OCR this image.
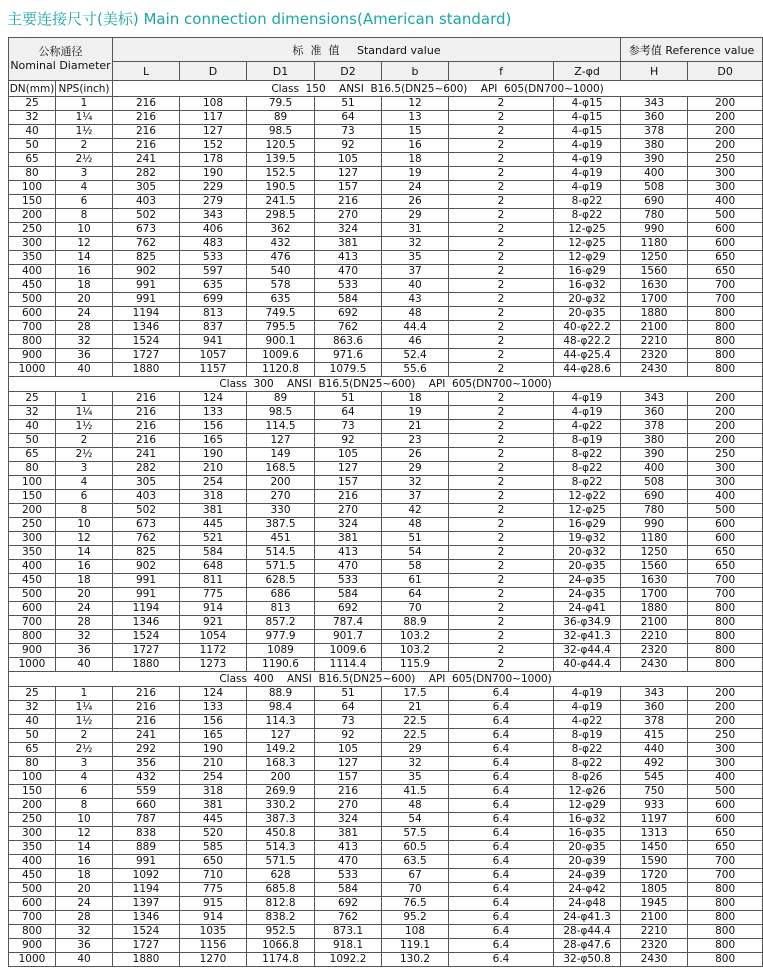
主要连接尺寸(美标) Main connection dimensions(American standard)
公称通径
Nominal Diameter		标  准  值     Standard value							参考值 Reference value	
		L	D	D1	D2	b	f	Z-φd	H	D0
DN(mm)	NPS(inch)	Class  150    ANSI  B16.5(DN25~600)    API  605(DN700~1000)								
25	1	216	108	79.5	51	12	2	4-φ15	343	200
32	1¼	216	117	89	64	13	2	4-φ15	360	200
40	1½	216	127	98.5	73	15	2	4-φ15	378	200
50	2	216	152	120.5	92	16	2	4-φ19	380	200
65	2½	241	178	139.5	105	18	2	4-φ19	390	250
80	3	282	190	152.5	127	19	2	4-φ19	400	300
100	4	305	229	190.5	157	24	2	4-φ19	508	300
150	6	403	279	241.5	216	26	2	8-φ22	690	400
200	8	502	343	298.5	270	29	2	8-φ22	780	500
250	10	673	406	362	324	31	2	12-φ25	990	600
300	12	762	483	432	381	32	2	12-φ25	1180	600
350	14	825	533	476	413	35	2	12-φ29	1250	650
400	16	902	597	540	470	37	2	16-φ29	1560	650
450	18	991	635	578	533	40	2	16-φ32	1630	700
500	20	991	699	635	584	43	2	20-φ32	1700	700
600	24	1194	813	749.5	692	48	2	20-φ35	1880	800
700	28	1346	837	795.5	762	44.4	2	40-φ22.2	2100	800
800	32	1524	941	900.1	863.6	46	2	48-φ22.2	2210	800
900	36	1727	1057	1009.6	971.6	52.4	2	44-φ25.4	2320	800
1000	40	1880	1157	1120.8	1079.5	55.6	2	44-φ28.6	2430	800
Class  300    ANSI  B16.5(DN25~600)    API  605(DN700~1000)										
25	1	216	124	89	51	18	2	4-φ19	343	200
32	1¼	216	133	98.5	64	19	2	4-φ19	360	200
40	1½	216	156	114.5	73	21	2	4-φ22	378	200
50	2	216	165	127	92	23	2	8-φ19	380	200
65	2½	241	190	149	105	26	2	8-φ22	390	250
80	3	282	210	168.5	127	29	2	8-φ22	400	300
100	4	305	254	200	157	32	2	8-φ22	508	300
150	6	403	318	270	216	37	2	12-φ22	690	400
200	8	502	381	330	270	42	2	12-φ25	780	500
250	10	673	445	387.5	324	48	2	16-φ29	990	600
300	12	762	521	451	381	51	2	19-φ32	1180	600
350	14	825	584	514.5	413	54	2	20-φ32	1250	650
400	16	902	648	571.5	470	58	2	20-φ35	1560	650
450	18	991	811	628.5	533	61	2	24-φ35	1630	700
500	20	991	775	686	584	64	2	24-φ35	1700	700
600	24	1194	914	813	692	70	2	24-φ41	1880	800
700	28	1346	921	857.2	787.4	88.9	2	36-φ34.9	2100	800
800	32	1524	1054	977.9	901.7	103.2	2	32-φ41.3	2210	800
900	36	1727	1172	1089	1009.6	103.2	2	32-φ44.4	2320	800
1000	40	1880	1273	1190.6	1114.4	115.9	2	40-φ44.4	2430	800
Class  400    ANSI  B16.5(DN25~600)    API  605(DN700~1000)										
25	1	216	124	88.9	51	17.5	6.4	4-φ19	343	200
32	1¼	216	133	98.4	64	21	6.4	4-φ19	360	200
40	1½	216	156	114.3	73	22.5	6.4	4-φ22	378	200
50	2	241	165	127	92	22.5	6.4	8-φ19	415	250
65	2½	292	190	149.2	105	29	6.4	8-φ22	440	300
80	3	356	210	168.3	127	32	6.4	8-φ22	492	300
100	4	432	254	200	157	35	6.4	8-φ26	545	400
150	6	559	318	269.9	216	41.5	6.4	12-φ26	750	500
200	8	660	381	330.2	270	48	6.4	12-φ29	933	600
250	10	787	445	387.3	324	54	6.4	16-φ32	1197	600
300	12	838	520	450.8	381	57.5	6.4	16-φ35	1313	650
350	14	889	585	514.3	413	60.5	6.4	20-φ35	1450	650
400	16	991	650	571.5	470	63.5	6.4	20-φ39	1590	700
450	18	1092	710	628	533	67	6.4	24-φ39	1720	700
500	20	1194	775	685.8	584	70	6.4	24-φ42	1805	800
600	24	1397	915	812.8	692	76.5	6.4	24-φ48	1945	800
700	28	1346	914	838.2	762	95.2	6.4	24-φ41.3	2100	800
800	32	1524	1035	952.5	873.1	108	6.4	28-φ44.4	2210	800
900	36	1727	1156	1066.8	918.1	119.1	6.4	28-φ47.6	2320	800
1000	40	1880	1270	1174.8	1092.2	130.2	6.4	32-φ50.8	2430	800
